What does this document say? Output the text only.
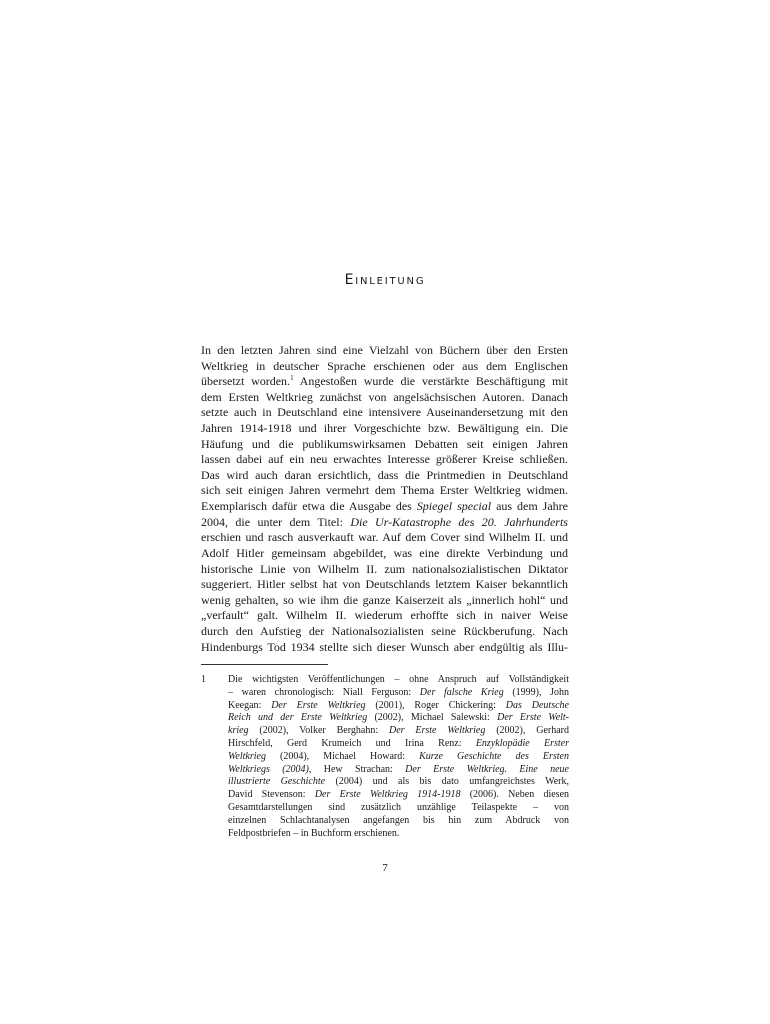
Einleitung
In den letzten Jahren sind eine Vielzahl von Büchern über den Ersten
Weltkrieg in deutscher Sprache erschienen oder aus dem Englischen
übersetzt worden.$^1$ Angestoßen wurde die verstärkte Beschäftigung mit
dem Ersten Weltkrieg zunächst von angelsächsischen Autoren. Danach
setzte auch in Deutschland eine intensivere Auseinandersetzung mit den
Jahren 1914-1918 und ihrer Vorgeschichte bzw. Bewältigung ein. Die
Häufung und die publikumswirksamen Debatten seit einigen Jahren
lassen dabei auf ein neu erwachtes Interesse größerer Kreise schließen.
Das wird auch daran ersichtlich, dass die Printmedien in Deutschland
sich seit einigen Jahren vermehrt dem Thema Erster Weltkrieg widmen.
Exemplarisch dafür etwa die Ausgabe des Spiegel special aus dem Jahre
2004, die unter dem Titel: Die Ur-Katastrophe des 20. Jahrhunderts
erschien und rasch ausverkauft war. Auf dem Cover sind Wilhelm II. und
Adolf Hitler gemeinsam abgebildet, was eine direkte Verbindung und
historische Linie von Wilhelm II. zum nationalsozialistischen Diktator
suggeriert. Hitler selbst hat von Deutschlands letztem Kaiser bekanntlich
wenig gehalten, so wie ihm die ganze Kaiserzeit als „innerlich hohl“ und
„verfault“ galt. Wilhelm II. wiederum erhoffte sich in naiver Weise
durch den Aufstieg der Nationalsozialisten seine Rückberufung. Nach
Hindenburgs Tod 1934 stellte sich dieser Wunsch aber endgültig als Illu-
1 Die wichtigsten Veröffentlichungen – ohne Anspruch auf Vollständigkeit
– waren chronologisch: Niall Ferguson: Der falsche Krieg (1999), John
Keegan: Der Erste Weltkrieg (2001), Roger Chickering: Das Deutsche
Reich und der Erste Weltkrieg (2002), Michael Salewski: Der Erste Welt-
krieg (2002), Volker Berghahn: Der Erste Weltkrieg (2002), Gerhard
Hirschfeld, Gerd Krumeich und Irina Renz: Enzyklopädie Erster
Weltkrieg (2004), Michael Howard: Kurze Geschichte des Ersten
Weltkriegs (2004), Hew Strachan: Der Erste Weltkrieg. Eine neue
illustrierte Geschichte (2004) und als bis dato umfangreichstes Werk,
David Stevenson: Der Erste Weltkrieg 1914-1918 (2006). Neben diesen
Gesamtdarstellungen sind zusätzlich unzählige Teilaspekte – von
einzelnen Schlachtanalysen angefangen bis hin zum Abdruck von
Feldpostbriefen – in Buchform erschienen.
7
